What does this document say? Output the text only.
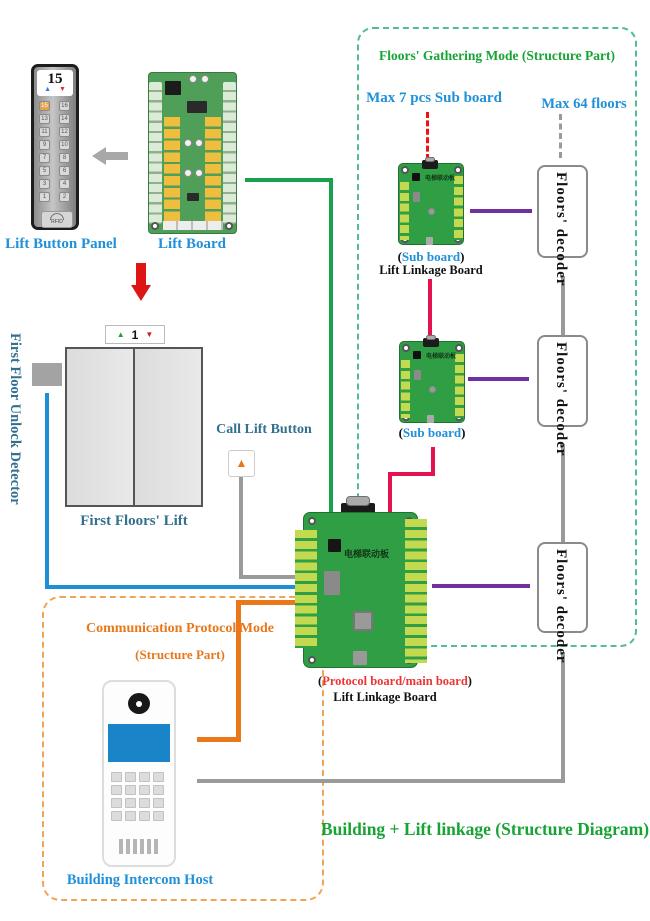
15
▲ ▼
15	16
13	14
11	12
9	10
7	8
5	6
3	4
1	2
RFID
Lift Button Panel	Lift Board
▲ 1 ▼
First Floor Unlock Detector
First Floors' Lift
Call Lift Button
▲
Floors' Gathering Mode (Structure Part)
Max 7 pcs Sub board	Max 64 floors
电梯联动板
(Sub board)
Lift Linkage Board
电梯联动板
(Sub board)
Floors' decoder
Floors' decoder
Floors' decoder
电梯联动板
(Protocol board/main board)
Lift Linkage Board
Communication Protocol Mode
(Structure Part)
Building Intercom Host
Building + Lift linkage (Structure Diagram)
